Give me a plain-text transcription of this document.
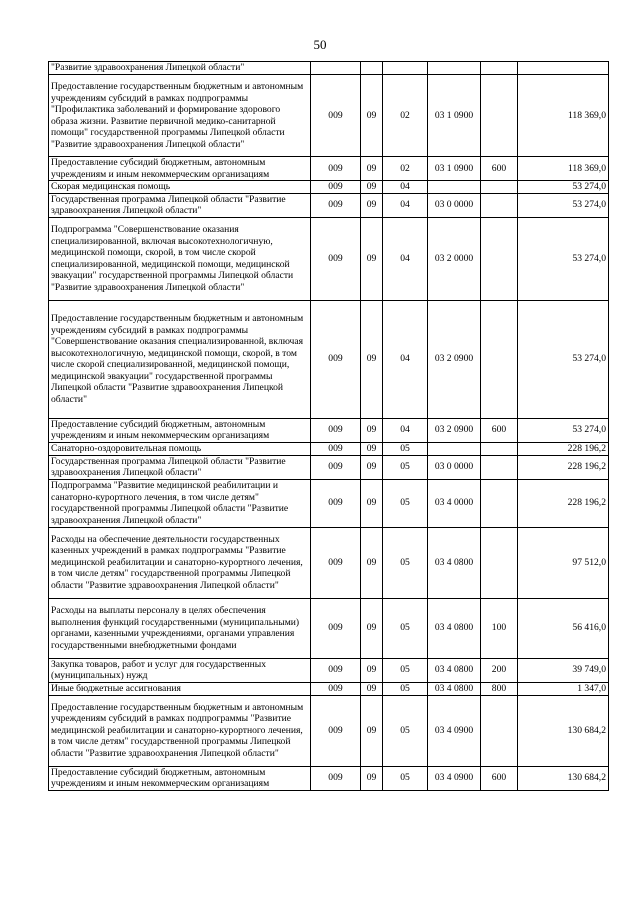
50
"Развитие здравоохранения Липецкой области"						
Предоставление государственным бюджетным и автономным учреждениям субсидий в рамках подпрограммы "Профилактика заболеваний и формирование здорового образа жизни. Развитие первичной медико-санитарной помощи" государственной программы Липецкой области "Развитие здравоохранения Липецкой области"	009	09	02	03 1 0900		118 369,0
Предоставление субсидий бюджетным, автономным учреждениям и иным некоммерческим организациям	009	09	02	03 1 0900	600	118 369,0
Скорая медицинская помощь	009	09	04			53 274,0
Государственная программа Липецкой области "Развитие здравоохранения Липецкой области"	009	09	04	03 0 0000		53 274,0
Подпрограмма "Совершенствование оказания специализированной, включая высокотехнологичную, медицинской помощи, скорой, в том числе скорой специализированной, медицинской помощи, медицинской эвакуации" государственной программы Липецкой области "Развитие здравоохранения Липецкой области"	009	09	04	03 2 0000		53 274,0
Предоставление государственным бюджетным и автономным учреждениям субсидий в рамках подпрограммы "Совершенствование оказания специализированной, включая высокотехнологичную, медицинской помощи, скорой, в том числе скорой специализированной, медицинской помощи, медицинской эвакуации" государственной программы Липецкой области "Развитие здравоохранения Липецкой области"	009	09	04	03 2 0900		53 274,0
Предоставление субсидий бюджетным, автономным учреждениям и иным некоммерческим организациям	009	09	04	03 2 0900	600	53 274,0
Санаторно-оздоровительная помощь	009	09	05			228 196,2
Государственная программа Липецкой области "Развитие здравоохранения Липецкой области"	009	09	05	03 0 0000		228 196,2
Подпрограмма "Развитие медицинской реабилитации и санаторно-курортного лечения, в том числе детям" государственной программы Липецкой области "Развитие здравоохранения Липецкой области"	009	09	05	03 4 0000		228 196,2
Расходы на обеспечение деятельности государственных казенных учреждений в рамках подпрограммы "Развитие медицинской реабилитации и санаторно-курортного лечения, в том числе детям" государственной программы Липецкой области "Развитие здравоохранения Липецкой области"	009	09	05	03 4 0800		97 512,0
Расходы на выплаты персоналу в целях обеспечения выполнения функций государственными (муниципальными) органами, казенными учреждениями, органами управления государственными внебюджетными фондами	009	09	05	03 4 0800	100	56 416,0
Закупка товаров, работ и услуг для государственных (муниципальных) нужд	009	09	05	03 4 0800	200	39 749,0
Иные бюджетные ассигнования	009	09	05	03 4 0800	800	1 347,0
Предоставление государственным бюджетным и автономным учреждениям субсидий в рамках подпрограммы "Развитие медицинской реабилитации и санаторно-курортного лечения, в том числе детям" государственной программы Липецкой области "Развитие здравоохранения Липецкой области"	009	09	05	03 4 0900		130 684,2
Предоставление субсидий бюджетным, автономным учреждениям и иным некоммерческим организациям	009	09	05	03 4 0900	600	130 684,2
